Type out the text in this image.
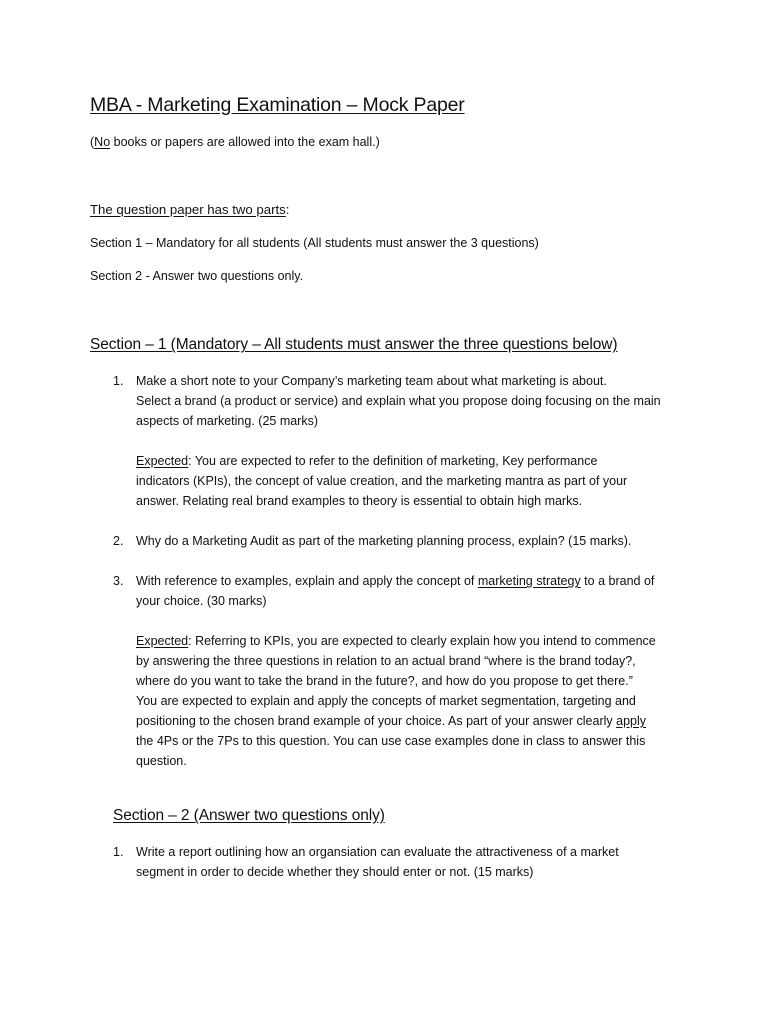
MBA - Marketing Examination – Mock Paper
(No books or papers are allowed into the exam hall.)
The question paper has two parts:
Section 1 – Mandatory for all students (All students must answer the 3 questions)
Section 2 - Answer two questions only.
Section – 1 (Mandatory – All students must answer the three questions below)
1. Make a short note to your Company’s marketing team about what marketing is about.
Select a brand (a product or service) and explain what you propose doing focusing on the main
aspects of marketing. (25 marks)
Expected: You are expected to refer to the definition of marketing, Key performance
indicators (KPIs), the concept of value creation, and the marketing mantra as part of your
answer. Relating real brand examples to theory is essential to obtain high marks.
2. Why do a Marketing Audit as part of the marketing planning process, explain? (15 marks).
3. With reference to examples, explain and apply the concept of marketing strategy to a brand of
your choice. (30 marks)
Expected: Referring to KPIs, you are expected to clearly explain how you intend to commence
by answering the three questions in relation to an actual brand “where is the brand today?,
where do you want to take the brand in the future?, and how do you propose to get there.”
You are expected to explain and apply the concepts of market segmentation, targeting and
positioning to the chosen brand example of your choice. As part of your answer clearly apply
the 4Ps or the 7Ps to this question. You can use case examples done in class to answer this
question.
Section – 2 (Answer two questions only)
1. Write a report outlining how an organsiation can evaluate the attractiveness of a market
segment in order to decide whether they should enter or not. (15 marks)
